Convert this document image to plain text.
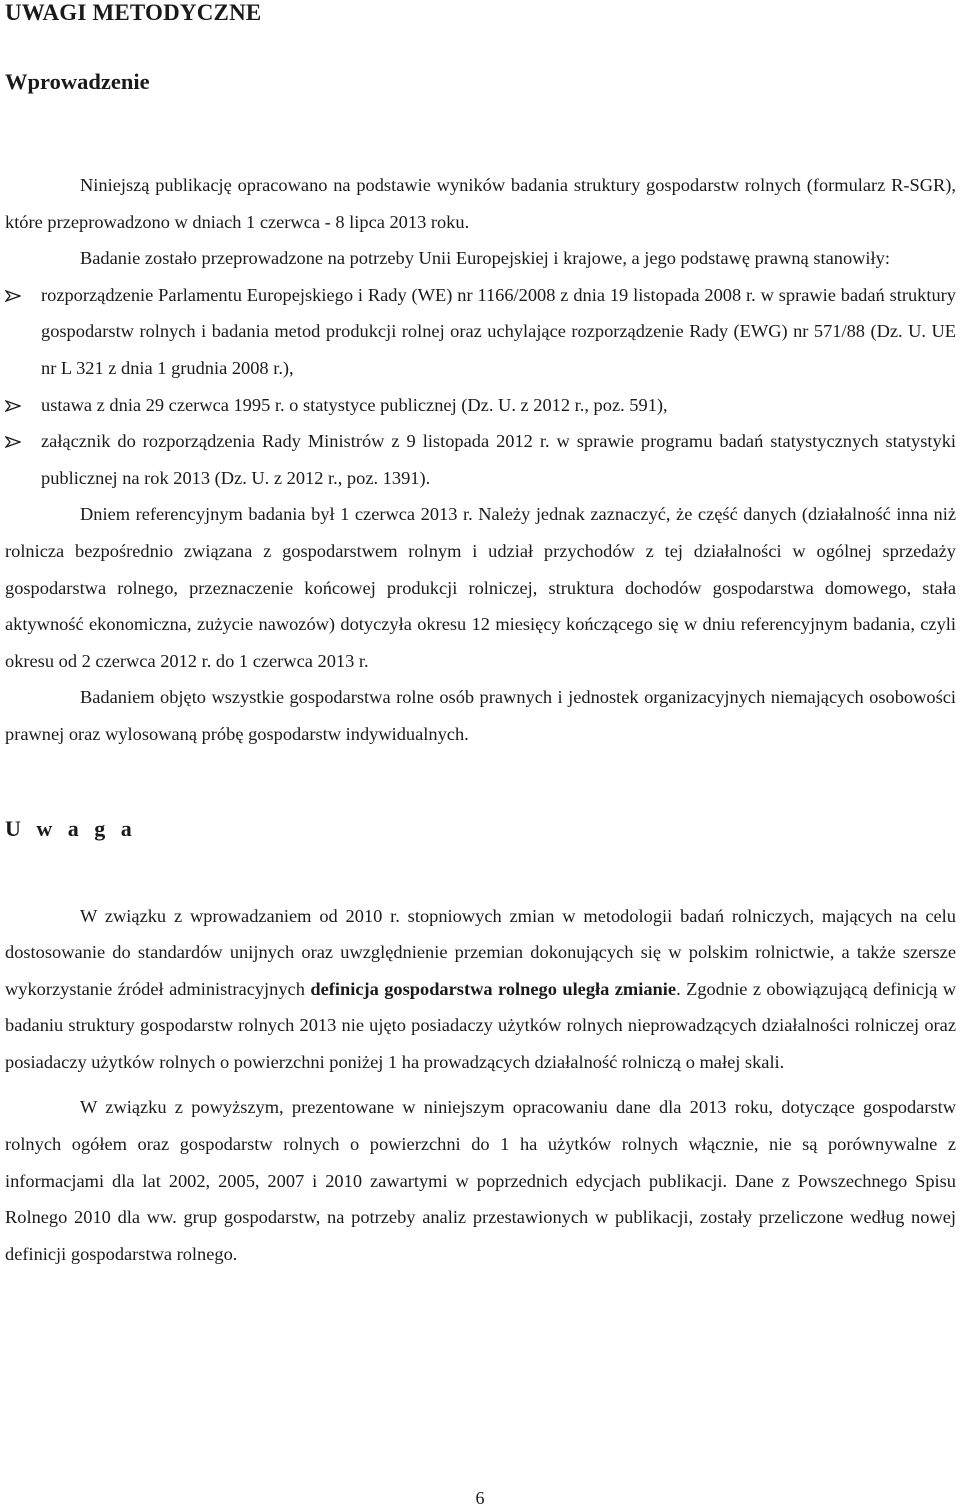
UWAGI METODYCZNE
Wprowadzenie

Niniejszą publikację opracowano na podstawie wyników badania struktury gospodarstw rolnych (formularz R-SGR), które przeprowadzono w dniach 1 czerwca - 8 lipca 2013 roku.

Badanie zostało przeprowadzone na potrzeby Unii Europejskiej i krajowe, a jego podstawę prawną stanowiły:

rozporządzenie Parlamentu Europejskiego i Rady (WE) nr 1166/2008 z dnia 19 listopada 2008 r. w sprawie badań struktury gospodarstw rolnych i badania metod produkcji rolnej oraz uchylające rozporządzenie Rady (EWG) nr 571/88 (Dz. U. UE nr L 321 z dnia 1 grudnia 2008 r.),
ustawa z dnia 29 czerwca 1995 r. o statystyce publicznej (Dz. U. z 2012 r., poz. 591),
załącznik do rozporządzenia Rady Ministrów z 9 listopada 2012 r. w sprawie programu badań statystycznych statystyki publicznej na rok 2013 (Dz. U. z 2012 r., poz. 1391).

Dniem referencyjnym badania był 1 czerwca 2013 r. Należy jednak zaznaczyć, że część danych (działalność inna niż rolnicza bezpośrednio związana z gospodarstwem rolnym i udział przychodów z tej działalności w ogólnej sprzedaży gospodarstwa rolnego, przeznaczenie końcowej produkcji rolniczej, struktura dochodów gospodarstwa domowego, stała aktywność ekonomiczna, zużycie nawozów) dotyczyła okresu 12 miesięcy kończącego się w dniu referencyjnym badania, czyli okresu od 2 czerwca 2012 r. do 1 czerwca 2013 r.

Badaniem objęto wszystkie gospodarstwa rolne osób prawnych i jednostek organizacyjnych niemających osobowości prawnej oraz wylosowaną próbę gospodarstw indywidualnych.

U w a g a

W związku z wprowadzaniem od 2010 r. stopniowych zmian w metodologii badań rolniczych, mających na celu dostosowanie do standardów unijnych oraz uwzględnienie przemian dokonujących się w polskim rolnictwie, a także szersze wykorzystanie źródeł administracyjnych definicja gospodarstwa rolnego uległa zmianie. Zgodnie z obowiązującą definicją w badaniu struktury gospodarstw rolnych 2013 nie ujęto posiadaczy użytków rolnych nieprowadzących działalności rolniczej oraz posiadaczy użytków rolnych o powierzchni poniżej 1 ha prowadzących działalność rolniczą o małej skali.

W związku z powyższym, prezentowane w niniejszym opracowaniu dane dla 2013 roku, dotyczące gospodarstw rolnych ogółem oraz gospodarstw rolnych o powierzchni do 1 ha użytków rolnych włącznie, nie są porównywalne z informacjami dla lat 2002, 2005, 2007 i 2010 zawartymi w poprzednich edycjach publikacji. Dane z Powszechnego Spisu Rolnego 2010 dla ww. grup gospodarstw, na potrzeby analiz przestawionych w publikacji, zostały przeliczone według nowej definicji gospodarstwa rolnego.

6
